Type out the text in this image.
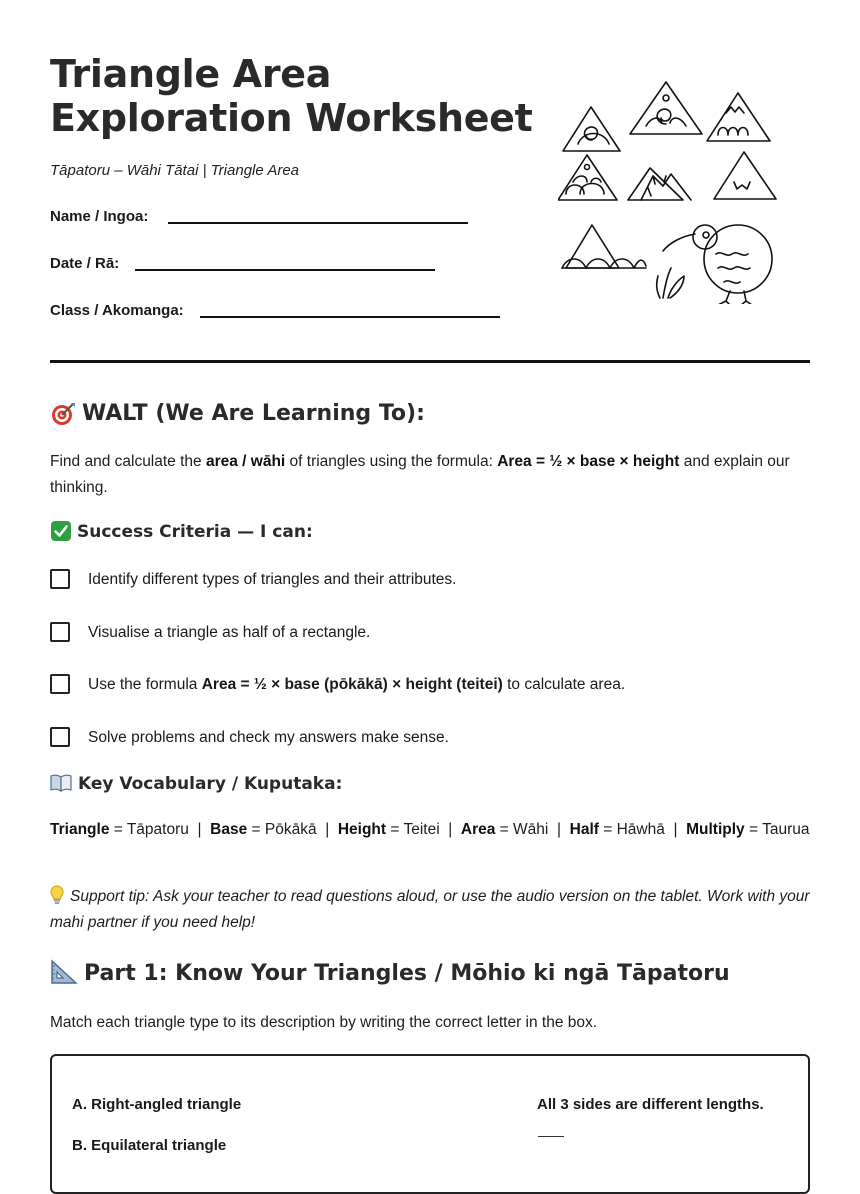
Triangle Area
Exploration Worksheet
Tāpatoru – Wāhi Tātai | Triangle Area
Name / Ingoa:
Date / Rā:
Class / Akomanga:
WALT (We Are Learning To):
Find and calculate the area / wāhi of triangles using the formula: Area = ½ × base × height and explain our thinking.
Success Criteria — I can:
Identify different types of triangles and their attributes.
Visualise a triangle as half of a rectangle.
Use the formula Area = ½ × base (pōkākā) × height (teitei) to calculate area.
Solve problems and check my answers make sense.
Key Vocabulary / Kuputaka:
Triangle = Tāpatoru  |  Base = Pōkākā  |  Height = Teitei  |  Area = Wāhi  |  Half = Hāwhā  |  Multiply = Taurua
Support tip: Ask your teacher to read questions aloud, or use the audio version on the tablet. Work with your mahi partner if you need help!
Part 1: Know Your Triangles / Mōhio ki ngā Tāpatoru
Match each triangle type to its description by writing the correct letter in the box.
A. Right-angled triangle
B. Equilateral triangle
All 3 sides are different lengths.
